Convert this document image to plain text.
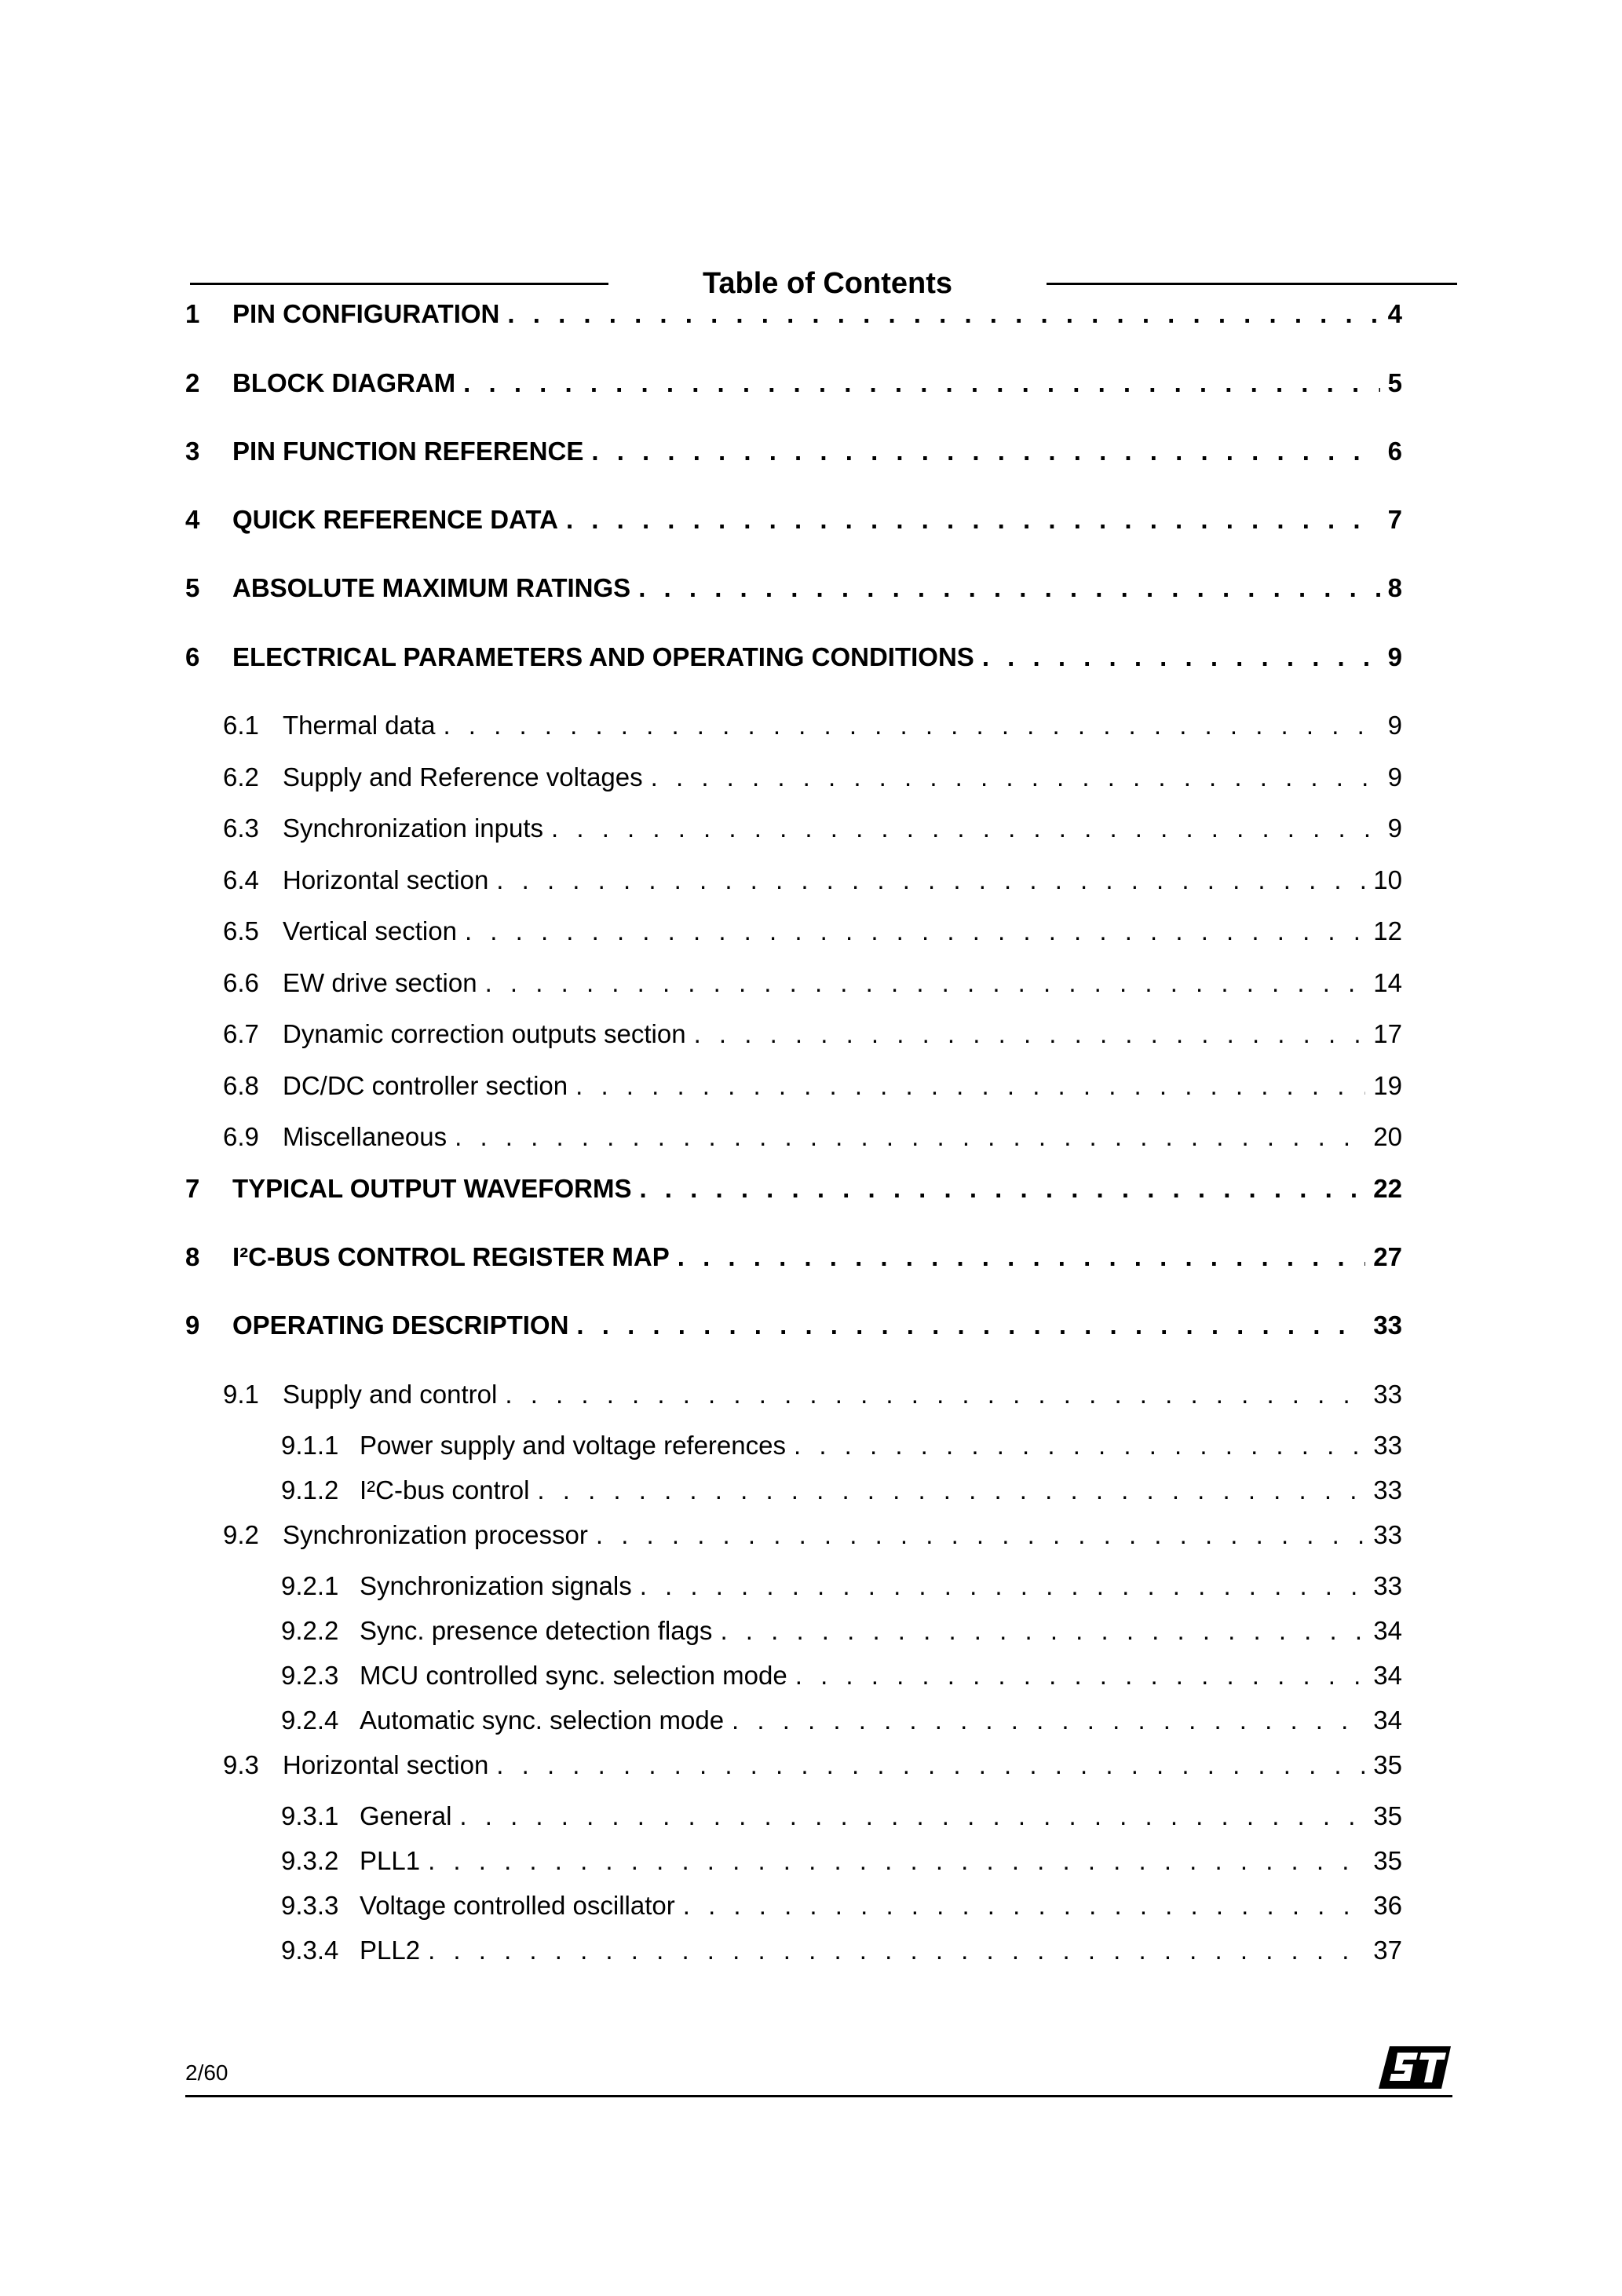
Table of Contents
1	PIN CONFIGURATION . . .	4
2	BLOCK DIAGRAM . . .	5
3	PIN FUNCTION REFERENCE . . .	6
4	QUICK REFERENCE DATA . . .	7
5	ABSOLUTE MAXIMUM RATINGS . . .	8
6	ELECTRICAL PARAMETERS AND OPERATING CONDITIONS . . .	9
6.1 Thermal data . . .	9
6.2 Supply and Reference voltages . . .	9
6.3 Synchronization inputs . . .	9
6.4 Horizontal section . . .	10
6.5 Vertical section . . .	12
6.6 EW drive section . . .	14
6.7 Dynamic correction outputs section . . .	17
6.8 DC/DC controller section . . .	19
6.9 Miscellaneous . . .	20
7	TYPICAL OUTPUT WAVEFORMS . . .	22
8	I²C-BUS CONTROL REGISTER MAP . . .	27
9	OPERATING DESCRIPTION . . .	33
9.1 Supply and control . . .	33
9.1.1 Power supply and voltage references . . .	33
9.1.2 I²C-bus control . . .	33
9.2 Synchronization processor . . .	33
9.2.1 Synchronization signals . . .	33
9.2.2 Sync. presence detection flags . . .	34
9.2.3 MCU controlled sync. selection mode . . .	34
9.2.4 Automatic sync. selection mode . . .	34
9.3 Horizontal section . . .	35
9.3.1 General . . .	35
9.3.2 PLL1 . . .	35
9.3.3 Voltage controlled oscillator . . .	36
9.3.4 PLL2 . . .	37
2/60
